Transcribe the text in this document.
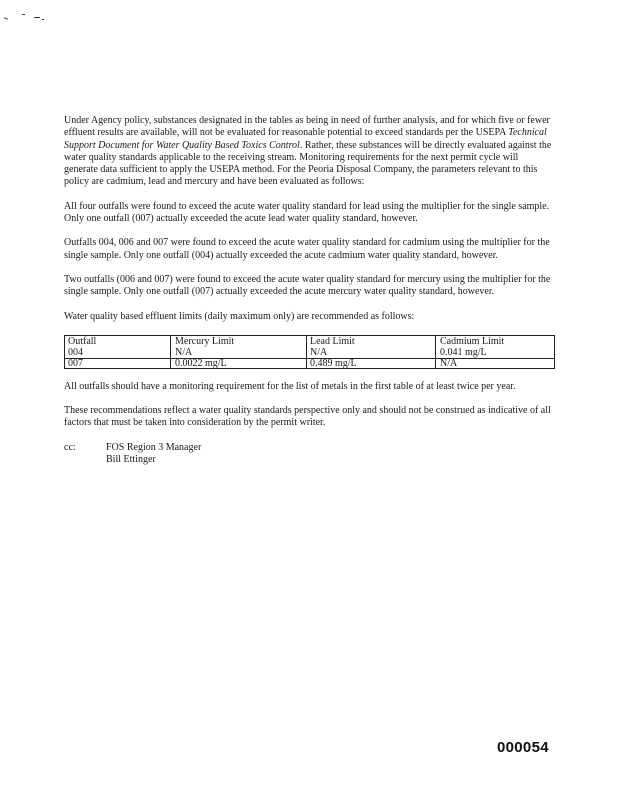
Under Agency policy, substances designated in the tables as being in need of further analysis, and for which five or fewer effluent results are available, will not be evaluated for reasonable potential to exceed standards per the USEPA Technical Support Document for Water Quality Based Toxics Control. Rather, these substances will be directly evaluated against the water quality standards applicable to the receiving stream. Monitoring requirements for the next permit cycle will generate data sufficient to apply the USEPA method. For the Peoria Disposal Company, the parameters relevant to this policy are cadmium, lead and mercury and have been evaluated as follows:

All four outfalls were found to exceed the acute water quality standard for lead using the multiplier for the single sample. Only one outfall (007) actually exceeded the acute lead water quality standard, however.

Outfalls 004, 006 and 007 were found to exceed the acute water quality standard for cadmium using the multiplier for the single sample. Only one outfall (004) actually exceeded the acute cadmium water quality standard, however.

Two outfalls (006 and 007) were found to exceed the acute water quality standard for mercury using the multiplier for the single sample. Only one outfall (007) actually exceeded the acute mercury water quality standard, however.

Water quality based effluent limits (daily maximum only) are recommended as follows:

Outfall	Mercury Limit	Lead Limit	Cadmium Limit
004	N/A	N/A	0.041 mg/L
007	0.0022 mg/L	0.489 mg/L	N/A

All outfalls should have a monitoring requirement for the list of metals in the first table of at least twice per year.

These recommendations reflect a water quality standards perspective only and should not be construed as indicative of all factors that must be taken into consideration by the permit writer.

cc:	FOS Region 3 Manager
Bill Ettinger
000054
